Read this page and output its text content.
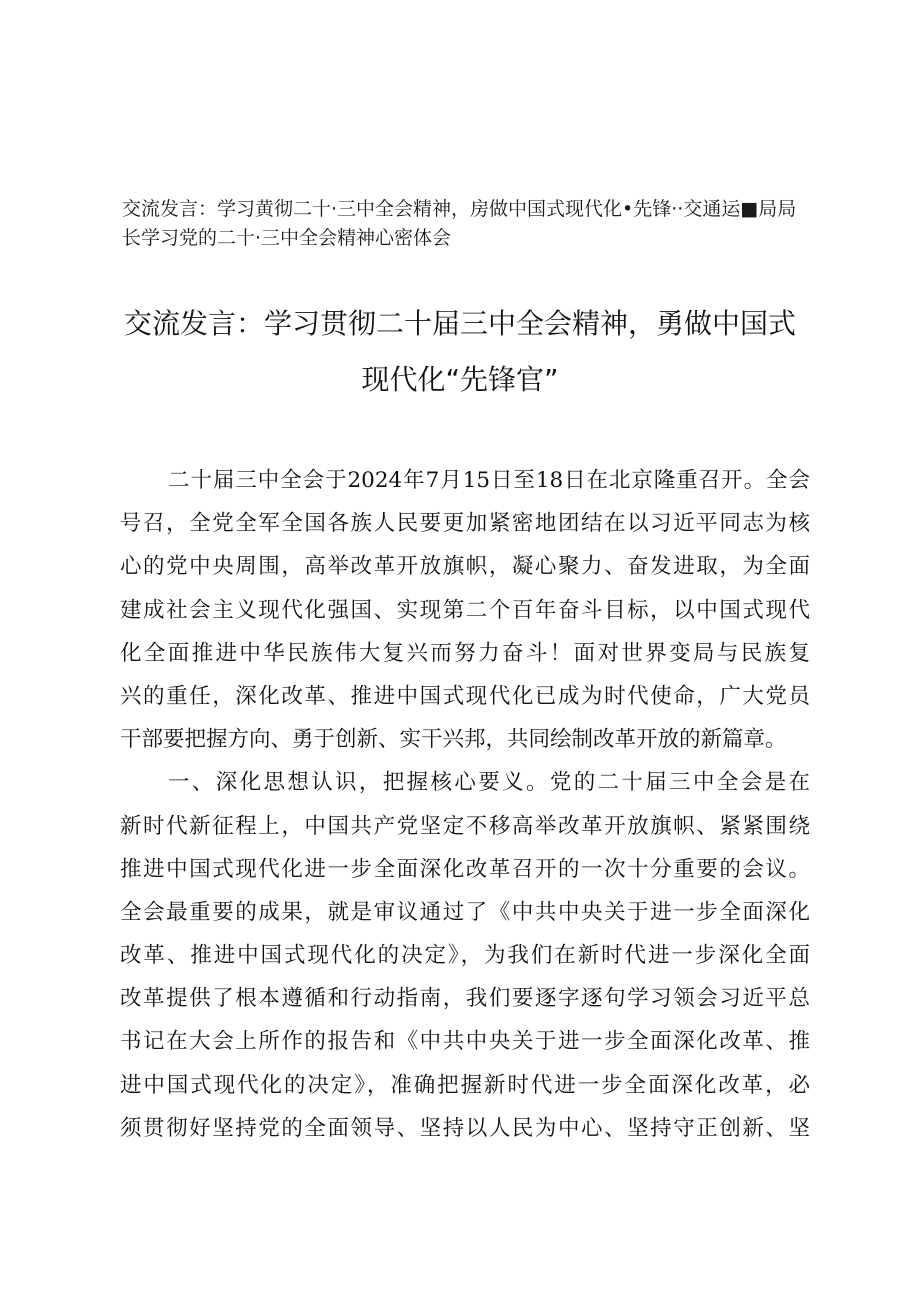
交流发言：学习黄彻二十·三中全会精神，房做中国式现代化•先锋··交通运■局局
长学习党的二十·三中全会精神心密体会
交流发言：学习贯彻二十届三中全会精神，勇做中国式
现代化“先锋官”
二十届三中全会于2024年7月15日至18日在北京隆重召开。全会
号召，全党全军全国各族人民要更加紧密地团结在以习近平同志为核
心的党中央周围，高举改革开放旗帜，凝心聚力、奋发进取，为全面
建成社会主义现代化强国、实现第二个百年奋斗目标，以中国式现代
化全面推进中华民族伟大复兴而努力奋斗！面对世界变局与民族复
兴的重任，深化改革、推进中国式现代化已成为时代使命，广大党员
干部要把握方向、勇于创新、实干兴邦，共同绘制改革开放的新篇章。
一、深化思想认识，把握核心要义。党的二十届三中全会是在
新时代新征程上，中国共产党坚定不移高举改革开放旗帜、紧紧围绕
推进中国式现代化进一步全面深化改革召开的一次十分重要的会议。
全会最重要的成果，就是审议通过了《中共中央关于进一步全面深化
改革、推进中国式现代化的决定》，为我们在新时代进一步深化全面
改革提供了根本遵循和行动指南，我们要逐字逐句学习领会习近平总
书记在大会上所作的报告和《中共中央关于进一步全面深化改革、推
进中国式现代化的决定》，准确把握新时代进一步全面深化改革，必
须贯彻好坚持党的全面领导、坚持以人民为中心、坚持守正创新、坚
